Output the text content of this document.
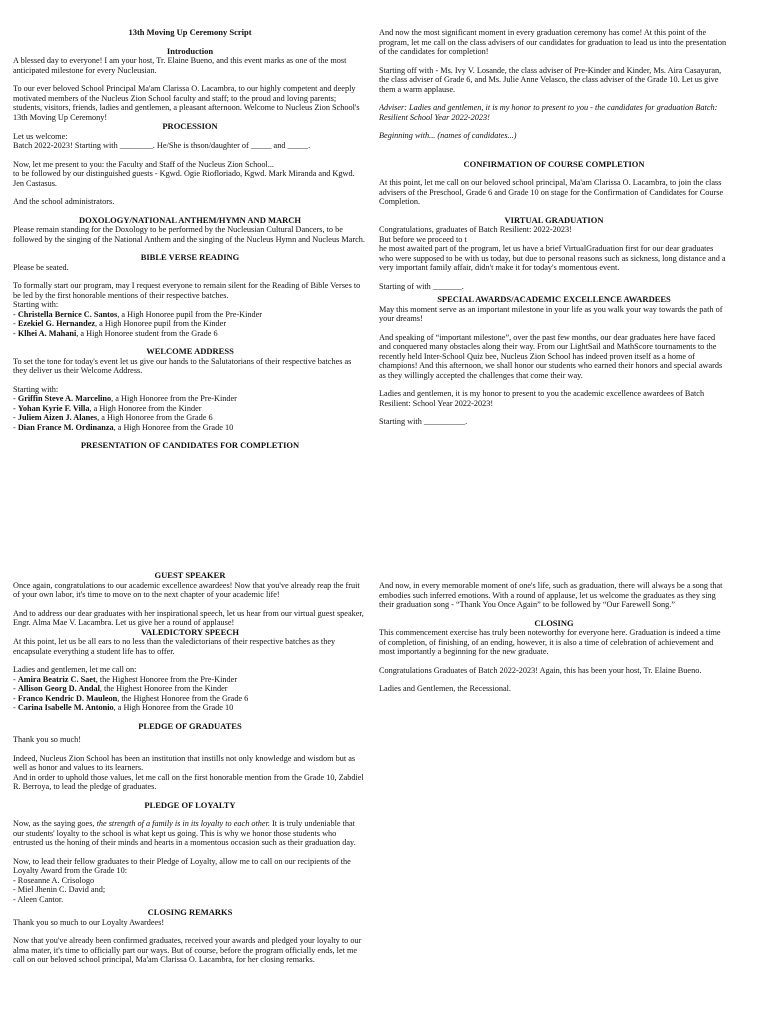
13th Moving Up Ceremony Script
Introduction

A blessed day to everyone! I am your host, Tr. Elaine Bueno, and this event marks as one of the most anticipated milestone for every Nucleusian.

To our ever beloved School Principal Ma'am Clarissa O. Lacambra, to our highly competent and deeply motivated members of the Nucleus Zion School faculty and staff; to the proud and loving parents; students, visitors, friends, ladies and gentlemen, a pleasant afternoon. Welcome to Nucleus Zion School's 13th Moving Up Ceremony!

PROCESSION
Let us welcome:

Batch 2022-2023! Starting with ________. He/She is thson/daughter of _____ and _____.

Now, let me present to you: the Faculty and Staff of the Nucleus Zion School...

to be followed by our distinguished guests - Kgwd. Ogie Riofloriado, Kgwd. Mark Miranda and Kgwd. Jen Castasus.

And the school administrators.

DOXOLOGY/NATIONAL ANTHEM/HYMN AND MARCH

Please remain standing for the Doxology to be performed by the Nucleusian Cultural Dancers, to be followed by the singing of the National Anthem and the singing of the Nucleus Hymn and Nucleus March.

BIBLE VERSE READING

Please be seated.

To formally start our program, may I request everyone to remain silent for the Reading of Bible Verses to be led by the first honorable mentions of their respective batches.
Starting with:
- Christella Bernice C. Santos, a High Honoree pupil from the Pre-Kinder
- Ezekiel G. Hernandez, a High Honoree pupil from the Kinder
- Klhei A. Mahani, a High Honoree student from the Grade 6
WELCOME ADDRESS

To set the tone for today's event let us give our hands to the Salutatorians of their respective batches as they deliver us their Welcome Address.

Starting with:
- Griffin Steve A. Marcelino, a High Honoree from the Pre-Kinder
- Yohan Kyrie F. Villa, a High Honoree from the Kinder
- Juliem Aizen J. Alanes, a High Honoree from the Grade 6
- Dian France M. Ordinanza, a High Honoree from the Grade 10
PRESENTATION OF CANDIDATES FOR COMPLETION

And now the most significant moment in every graduation ceremony has come! At this point of the program, let me call on the class advisers of our candidates for graduation to lead us into the presentation of the candidates for completion!

Starting off with - Ms. Ivy V. Losande, the class adviser of Pre-Kinder and Kinder, Ms. Aira Casayuran, the class adviser of Grade 6, and Ms. Julie Anne Velasco, the class adviser of the Grade 10. Let us give them a warm applause.

Adviser: Ladies and gentlemen, it is my honor to present to you - the candidates for graduation Batch: Resilient School Year 2022-2023!

Beginning with... (names of candidates...)

CONFIRMATION OF COURSE COMPLETION

At this point, let me call on our beloved school principal, Ma'am Clarissa O. Lacambra, to join the class advisers of the Preschool, Grade 6 and Grade 10 on stage for the Confirmation of Candidates for Course Completion.

VIRTUAL GRADUATION
Congratulations, graduates of Batch Resilient: 2022-2023!
But before we proceed to t

he most awaited part of the program, let us have a brief VirtualGraduation first for our dear graduates who were supposed to be with us today, but due to personal reasons such as sickness, long distance and a very important family affair, didn't make it for today's momentous event.

Starting of with _______.

SPECIAL AWARDS/ACADEMIC EXCELLENCE AWARDEES

May this moment serve as an important milestone in your life as you walk your way towards the path of your dreams!

And speaking of “important milestone”, over the past few months, our dear graduates here have faced and conquered many obstacles along their way. From our LightSail and MathScore tournaments to the recently held Inter-School Quiz bee, Nucleus Zion School has indeed proven itself as a home of champions! And this afternoon, we shall honor our students who earned their honors and special awards as they willingly accepted the challenges that come their way.

Ladies and gentlemen, it is my honor to present to you the academic excellence awardees of Batch Resilient: School Year 2022-2023!

Starting with __________.

GUEST SPEAKER

Once again, congratulations to our academic excellence awardees! Now that you've already reap the fruit of your own labor, it's time to move on to the next chapter of your academic life!

And to address our dear graduates with her inspirational speech, let us hear from our virtual guest speaker, Engr. Alma Mae V. Lacambra. Let us give her a round of applause!

VALEDICTORY SPEECH

At this point, let us be all ears to no less than the valedictorians of their respective batches as they encapsulate everything a student life has to offer.

Ladies and gentlemen, let me call on:
- Amira Beatriz C. Saet, the Highest Honoree from the Pre-Kinder
- Allison Georg D. Andal, the Highest Honoree from the Kinder
- Franco Kendric D. Mauleon, the Highest Honoree from the Grade 6
- Carina Isabelle M. Antonio, a High Honoree from the Grade 10
PLEDGE OF GRADUATES

Thank you so much!

Indeed, Nucleus Zion School has been an institution that instills not only knowledge and wisdom but as well as honor and values to its learners.

And in order to uphold those values, let me call on the first honorable mention from the Grade 10, Zabdiel R. Berroya, to lead the pledge of graduates.

PLEDGE OF LOYALTY

Now, as the saying goes, the strength of a family is in its loyalty to each other. It is truly undeniable that our students' loyalty to the school is what kept us going. This is why we honor those students who entrusted us the honing of their minds and hearts in a momentous occasion such as their graduation day.

Now, to lead their fellow graduates to their Pledge of Loyalty, allow me to call on our recipients of the Loyalty Award from the Grade 10:
- Roseanne A. Crisologo
- Miel Jhenin C. David and;
- Aleen Cantor.
CLOSING REMARKS

Thank you so much to our Loyalty Awardees!

Now that you've already been confirmed graduates, received your awards and pledged your loyalty to our alma mater, it's time to officially part our ways. But of course, before the program officially ends, let me call on our beloved school principal, Ma'am Clarissa O. Lacambra, for her closing remarks.

And now, in every memorable moment of one's life, such as graduation, there will always be a song that embodies such inferred emotions. With a round of applause, let us welcome the graduates as they sing their graduation song - “Thank You Once Again” to be followed by “Our Farewell Song.”

CLOSING

This commencement exercise has truly been noteworthy for everyone here. Graduation is indeed a time of completion, of finishing, of an ending, however, it is also a time of celebration of achievement and most importantly a beginning for the new graduate.

Congratulations Graduates of Batch 2022-2023! Again, this has been your host, Tr. Elaine Bueno.

Ladies and Gentlemen, the Recessional.
